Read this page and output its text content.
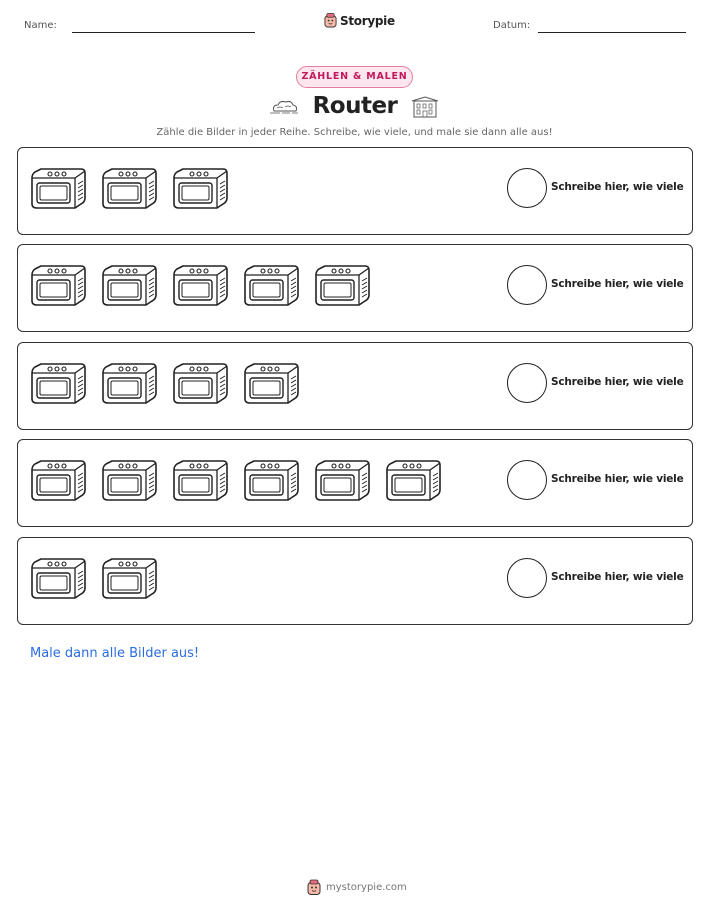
Name:	Storypie	Datum:
ZÄHLEN & MALEN
Router
Zähle die Bilder in jeder Reihe. Schreibe, wie viele, und male sie dann alle aus!
Schreibe hier, wie viele
Schreibe hier, wie viele
Schreibe hier, wie viele
Schreibe hier, wie viele
Schreibe hier, wie viele
Male dann alle Bilder aus!
mystorypie.com
